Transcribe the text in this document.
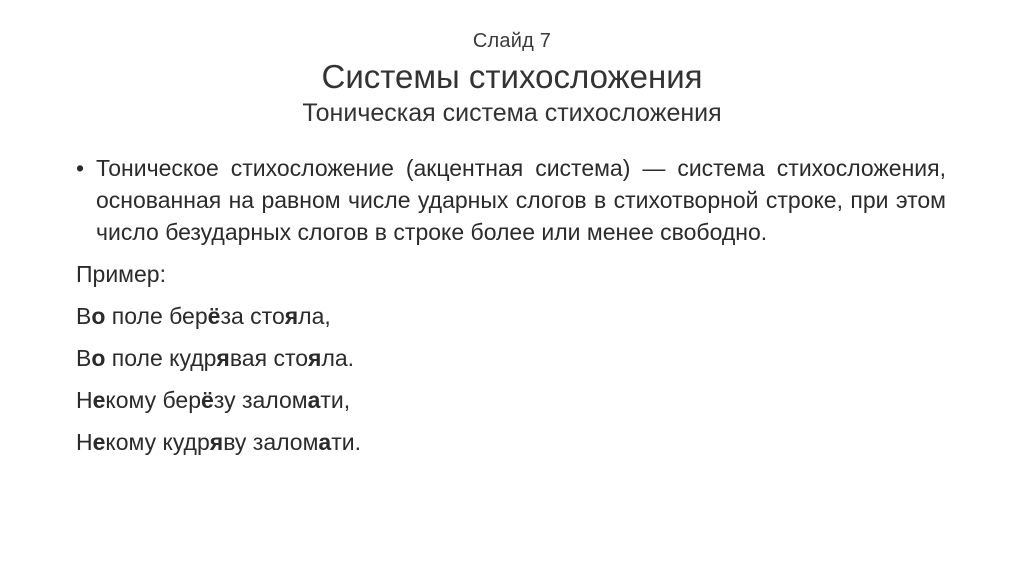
Слайд 7
Системы стихосложения
Тоническая система стихосложения
• Тоническое стихосложение (акцентная система) — система стихосложения, основанная на равном числе ударных слогов в стихотворной строке, при этом число безударных слогов в строке более или менее свободно.
Пример:
Во поле берёза стояла,
Во поле кудрявая стояла.
Некому берёзу заломати,
Некому кудряву заломати.
